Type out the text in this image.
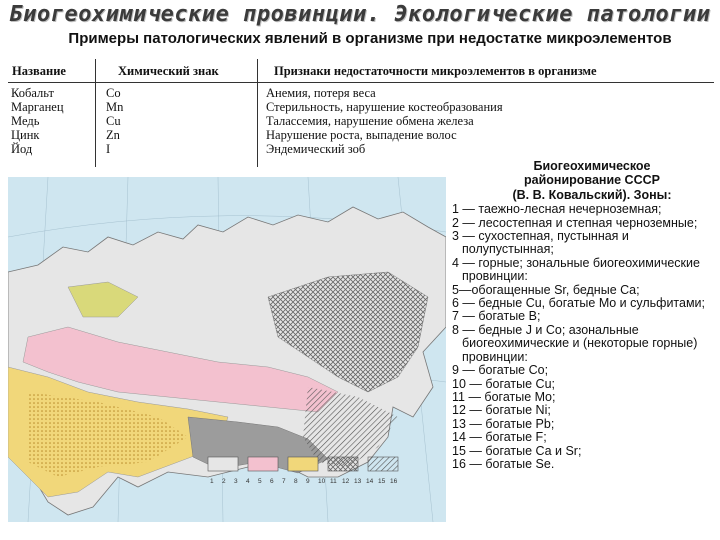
Биогеохимические провинции. Экологические патологии
Примеры патологических явлений в организме при недостатке микроэлементов
Название	Химический знак	Признаки недостаточности микроэлементов в организме
Кобальт
Марганец
Медь
Цинк
Йод
Co
Mn
Cu
Zn
I
Анемия, потеря веса
Стерильность, нарушение костеобразования
Талассемия, нарушение обмена железа
Нарушение роста, выпадение волос
Эндемический зоб
1 2 3 4 5 6 7 8 9 10 11 12 13 14 15 16
Биогеохимическое
районирование СССР
(В. В. Ковальский). Зоны:
1 — таежно-лесная нечерноземная;
2 — лесостепная и степная черноземные;
3 — сухостепная, пустынная и полупустынная;
4 — горные; зональные биогеохимические провинции:
5—обогащенные Sr, бедные Ca;
6 — бедные Cu, богатые Mo и сульфитами;
7 — богатые B;
8 — бедные J и Co; азональные биогеохимические и (некоторые горные) провинции:
9 — богатые Co;
10 — богатые Cu;
11 — богатые Mo;
12 — богатые Ni;
13 — богатые Pb;
14 — богатые F;
15 — богатые Ca и Sr;
16 — богатые Se.
